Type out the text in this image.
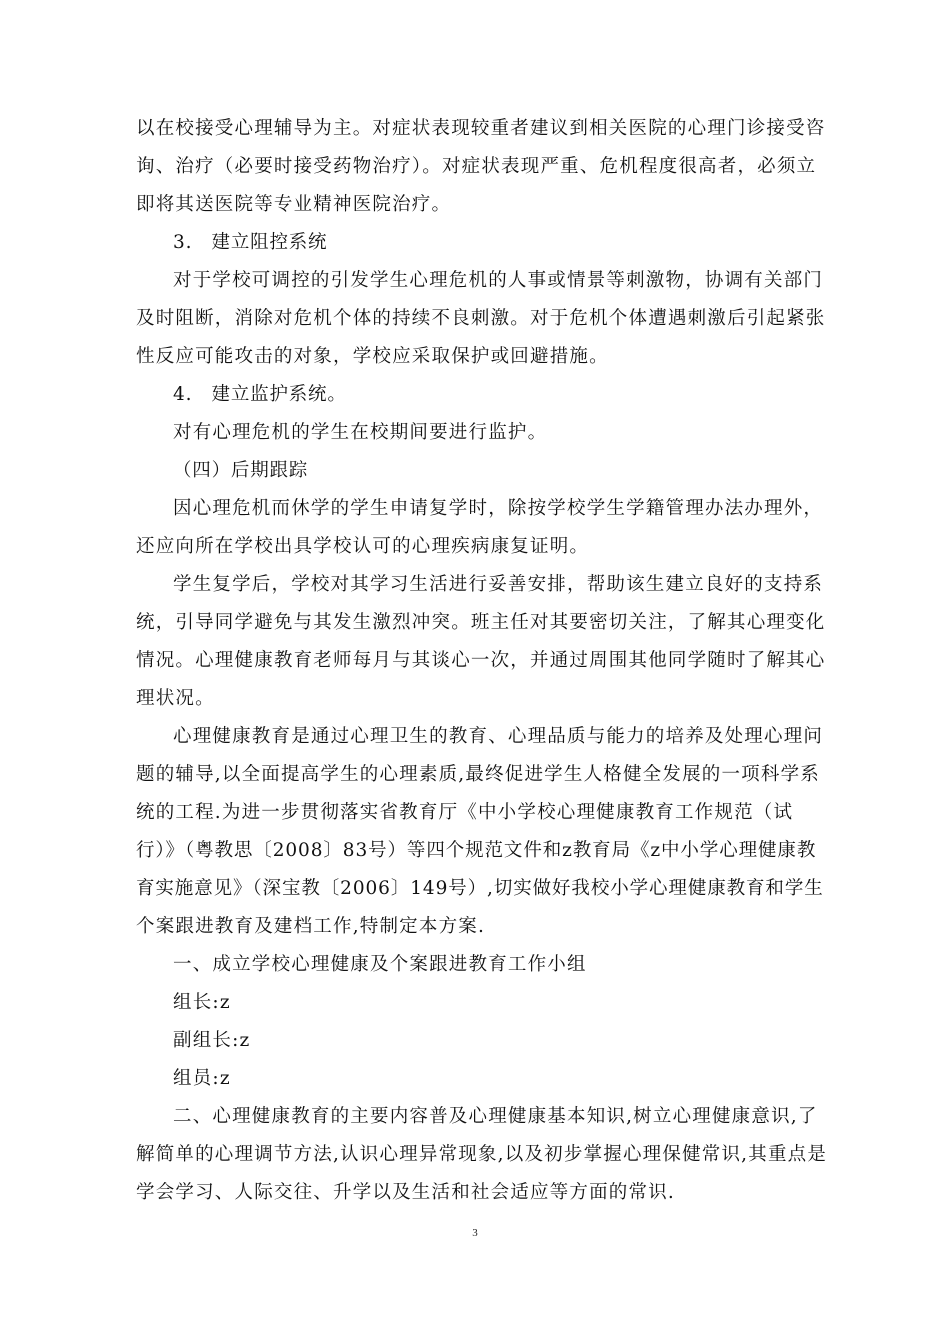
以在校接受心理辅导为主。对症状表现较重者建议到相关医院的心理门诊接受咨
询、治疗（必要时接受药物治疗）。对症状表现严重、危机程度很高者，必须立
即将其送医院等专业精神医院治疗。
3.　建立阻控系统
对于学校可调控的引发学生心理危机的人事或情景等刺激物，协调有关部门
及时阻断，消除对危机个体的持续不良刺激。对于危机个体遭遇刺激后引起紧张
性反应可能攻击的对象，学校应采取保护或回避措施。
4.　建立监护系统。
对有心理危机的学生在校期间要进行监护。
（四）后期跟踪
因心理危机而休学的学生申请复学时，除按学校学生学籍管理办法办理外，
还应向所在学校出具学校认可的心理疾病康复证明。
学生复学后，学校对其学习生活进行妥善安排，帮助该生建立良好的支持系
统，引导同学避免与其发生激烈冲突。班主任对其要密切关注，了解其心理变化
情况。心理健康教育老师每月与其谈心一次，并通过周围其他同学随时了解其心
理状况。
心理健康教育是通过心理卫生的教育、心理品质与能力的培养及处理心理问
题的辅导,以全面提高学生的心理素质,最终促进学生人格健全发展的一项科学系
统的工程.为进一步贯彻落实省教育厅《中小学校心理健康教育工作规范（试
行）》（粤教思〔2008〕83号）等四个规范文件和z教育局《z中小学心理健康教
育实施意见》（深宝教〔2006〕149号）,切实做好我校小学心理健康教育和学生
个案跟进教育及建档工作,特制定本方案.
一、成立学校心理健康及个案跟进教育工作小组
组长:z
副组长:z
组员:z
二、心理健康教育的主要内容普及心理健康基本知识,树立心理健康意识,了
解简单的心理调节方法,认识心理异常现象,以及初步掌握心理保健常识,其重点是
学会学习、人际交往、升学以及生活和社会适应等方面的常识.
3
